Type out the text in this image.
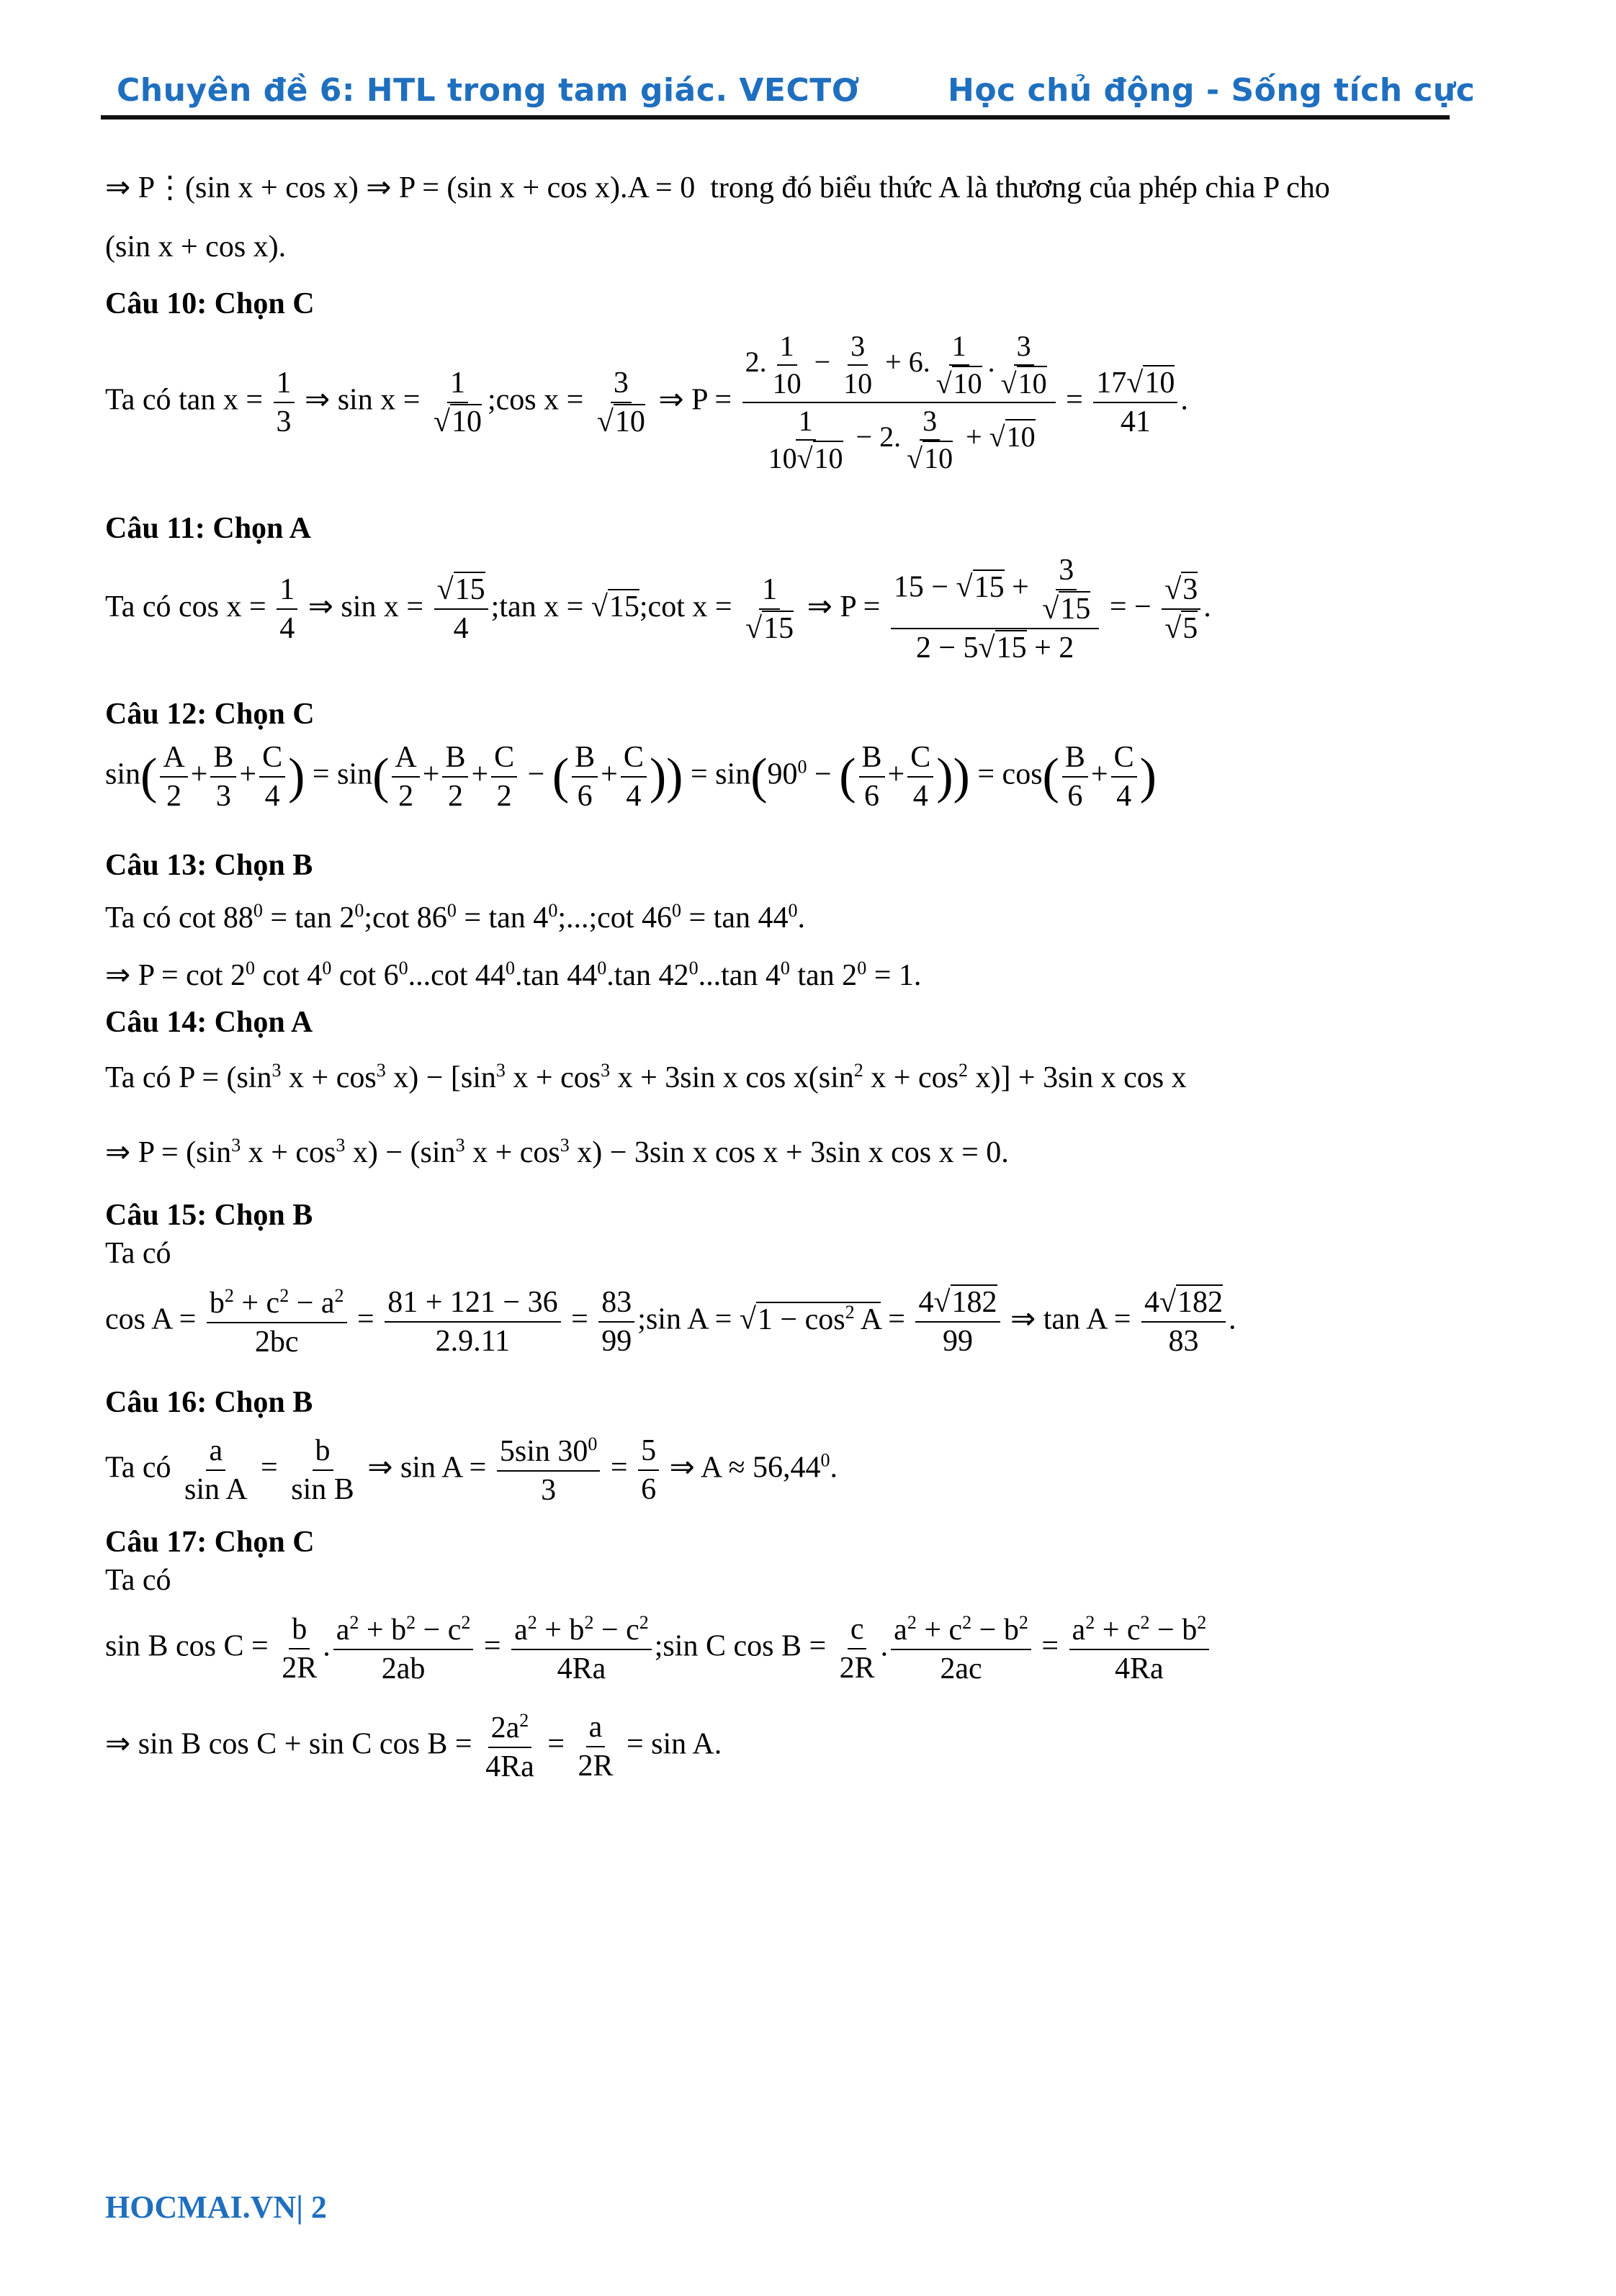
Chuyên đề 6: HTL trong tam giác. VECTƠ	Học chủ động - Sống tích cực
⇒ P⋮(sin x + cos x) ⇒ P = (sin x + cos x).A = 0  trong đó biểu thức A là thương của phép chia P cho
(sin x + cos x).
Câu 10: Chọn C
Ta có $\tan x = \frac{1}{3}$ ⇒ $\sin x = \frac{1}{√10}$ ;cos $x = \frac{3}{√10}$ ⇒ $P = \frac{2. \frac{1}{10} - \frac{3}{10} + 6. \frac{1}{√10} . \frac{3}{√10}}{\frac{1}{10√10} - 2. \frac{3}{√10} + √10} = \frac{17√10}{41}$ .
Câu 11: Chọn A
Ta có $\cos x = \frac{1}{4}$ ⇒ $\sin x = \frac{√15}{4}$ ;tan x = √15;cot $x = \frac{1}{√15}$ ⇒ $P = \frac{15 - √15 + \frac{3}{√15}}{2 - 5√15 + 2}$ = − $\frac{√3}{√5}$ .
Câu 12: Chọn C
$\sin( \frac{A}{2} + \frac{B}{3} + \frac{C}{4}$ ) = $\sin( \frac{A}{2} + \frac{B}{2} + \frac{C}{2}$ − ( $\frac{B}{6} + \frac{C}{4}$ )) = $\sin(90^0$ − ( $\frac{B}{6} + \frac{C}{4}$ )) = $\cos( \frac{B}{6} + \frac{C}{4}$ )
Câu 13: Chọn B
Ta có $\cot 88^0 = \tan$ $2^0;\cot$ $86^0 = \tan$ $4^0;...;\cot$ $46^0 = \tan 44^0$.
⇒ $P = \cot 2^0$ $\cot 4^0$ $\cot 6^0...\cot$ $44^0.\tan$ $44^0.\tan$ $42^0...\tan$ $4^0$ $\tan 2^0 = 1$.
Câu 14: Chọn A
Ta có $P = (\sin^3$ $x + \cos^3 x) - [\sin^3$ $x + \cos^3 x + 3\sin$ x $\cos x(\sin^2$ $x + \cos^2 x)] + 3\sin$ x cos x
⇒ $P = (\sin^3$ $x + \cos^3 x) - (\sin^3$ $x + \cos^3 x) - 3\sin$ x cos x + 3sin x cos x = 0.
Câu 15: Chọn B
Ta có
$\cos A = \frac{b^2 + c^2 - a^2}{2bc} = \frac{81 + 121 - 36}{2.9.11} = \frac{83}{99}$ ;sin $A = √1 - \cos^2 A = \frac{4√182}{99}$ ⇒ $\tan A = \frac{4√182}{83}$ .
Câu 16: Chọn B
Ta có $\frac{a}{\text{sin A}} = \frac{b}{\text{sin B}}$ ⇒ $\sin A = \frac{5\sin 30^0}{3} = \frac{5}{6}$ ⇒ $A \approx 56,44^0$.
Câu 17: Chọn C
Ta có
sin B $\cos C = \frac{b}{2R}$ . $\frac{a^2 + b^2 - c^2}{2ab} = \frac{a^2 + b^2 - c^2}{4Ra}$ ;sin C $\cos B = \frac{c}{2R}$ . $\frac{a^2 + c^2 - b^2}{2ac} = \frac{a^2 + c^2 - b^2}{4Ra}$
⇒ sin B cos C + sin C $\cos B = \frac{2a^2}{4Ra} = \frac{a}{2R} = \sin A$.
HOCMAI.VN| 2
